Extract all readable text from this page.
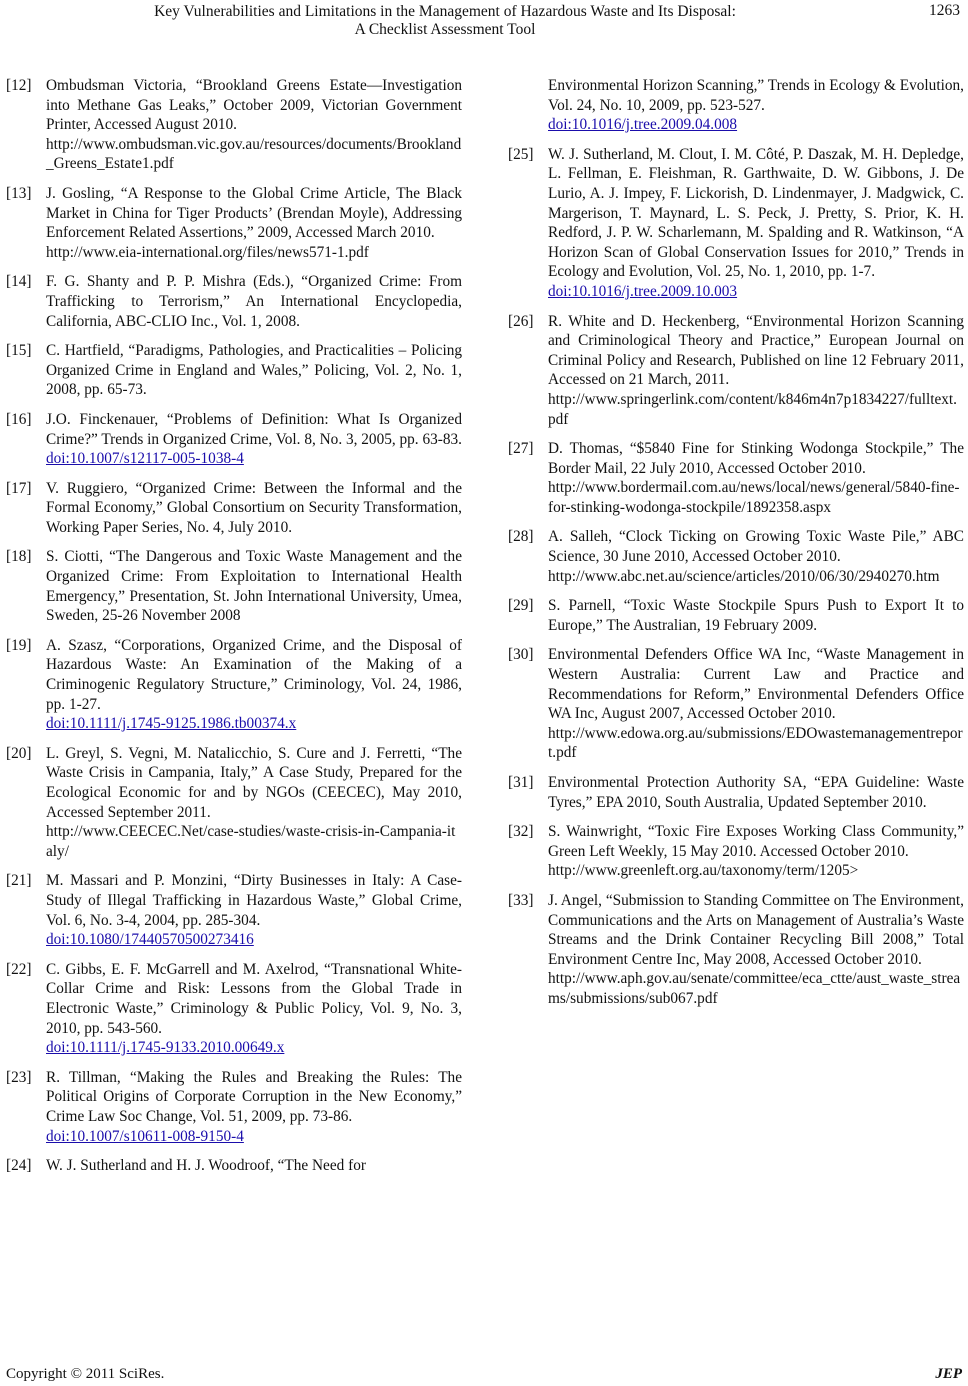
Key Vulnerabilities and Limitations in the Management of Hazardous Waste and Its Disposal:
A Checklist Assessment Tool
1263
[12] Ombudsman Victoria, “Brookland Greens Estate—Investigation into Methane Gas Leaks,” October 2009, Victorian Government Printer, Accessed August 2010.
http://www.ombudsman.vic.gov.au/resources/documents/Brookland_Greens_Estate1.pdf
[13] J. Gosling, “A Response to the Global Crime Article, The Black Market in China for Tiger Products’ (Brendan Moyle), Addressing Enforcement Related Assertions,” 2009, Accessed March 2010.
http://www.eia-international.org/files/news571-1.pdf
[14] F. G. Shanty and P. P. Mishra (Eds.), “Organized Crime: From Trafficking to Terrorism,” An International Encyclopedia, California, ABC-CLIO Inc., Vol. 1, 2008.
[15] C. Hartfield, “Paradigms, Pathologies, and Practicalities – Policing Organized Crime in England and Wales,” Policing, Vol. 2, No. 1, 2008, pp. 65-73.
[16] J.O. Finckenauer, “Problems of Definition: What Is Organized Crime?” Trends in Organized Crime, Vol. 8, No. 3, 2005, pp. 63-83.
doi:10.1007/s12117-005-1038-4
[17] V. Ruggiero, “Organized Crime: Between the Informal and the Formal Economy,” Global Consortium on Security Transformation, Working Paper Series, No. 4, July 2010.
[18] S. Ciotti, “The Dangerous and Toxic Waste Management and the Organized Crime: From Exploitation to International Health Emergency,” Presentation, St. John International University, Umea, Sweden, 25-26 November 2008
[19] A. Szasz, “Corporations, Organized Crime, and the Disposal of Hazardous Waste: An Examination of the Making of a Criminogenic Regulatory Structure,” Criminology, Vol. 24, 1986, pp. 1-27.
doi:10.1111/j.1745-9125.1986.tb00374.x
[20] L. Greyl, S. Vegni, M. Natalicchio, S. Cure and J. Ferretti, “The Waste Crisis in Campania, Italy,” A Case Study, Prepared for the Ecological Economic for and by NGOs (CEECEC), May 2010, Accessed September 2011.
http://www.CEECEC.Net/case-studies/waste-crisis-in-Campania-italy/
[21] M. Massari and P. Monzini, “Dirty Businesses in Italy: A Case-Study of Illegal Trafficking in Hazardous Waste,” Global Crime, Vol. 6, No. 3-4, 2004, pp. 285-304.
doi:10.1080/17440570500273416
[22] C. Gibbs, E. F. McGarrell and M. Axelrod, “Transnational White-Collar Crime and Risk: Lessons from the Global Trade in Electronic Waste,” Criminology & Public Policy, Vol. 9, No. 3, 2010, pp. 543-560.
doi:10.1111/j.1745-9133.2010.00649.x
[23] R. Tillman, “Making the Rules and Breaking the Rules: The Political Origins of Corporate Corruption in the New Economy,” Crime Law Soc Change, Vol. 51, 2009, pp. 73-86.
doi:10.1007/s10611-008-9150-4
[24] W. J. Sutherland and H. J. Woodroof, “The Need for
Environmental Horizon Scanning,” Trends in Ecology & Evolution, Vol. 24, No. 10, 2009, pp. 523-527.
doi:10.1016/j.tree.2009.04.008
[25] W. J. Sutherland, M. Clout, I. M. Côté, P. Daszak, M. H. Depledge, L. Fellman, E. Fleishman, R. Garthwaite, D. W. Gibbons, J. De Lurio, A. J. Impey, F. Lickorish, D. Lindenmayer, J. Madgwick, C. Margerison, T. Maynard, L. S. Peck, J. Pretty, S. Prior, K. H. Redford, J. P. W. Scharlemann, M. Spalding and R. Watkinson, “A Horizon Scan of Global Conservation Issues for 2010,” Trends in Ecology and Evolution, Vol. 25, No. 1, 2010, pp. 1-7.
doi:10.1016/j.tree.2009.10.003
[26] R. White and D. Heckenberg, “Environmental Horizon Scanning and Criminological Theory and Practice,” European Journal on Criminal Policy and Research, Published on line 12 February 2011, Accessed on 21 March, 2011.
http://www.springerlink.com/content/k846m4n7p1834227/fulltext.pdf
[27] D. Thomas, “$5840 Fine for Stinking Wodonga Stockpile,” The Border Mail, 22 July 2010, Accessed October 2010.
http://www.bordermail.com.au/news/local/news/general/5840-fine-for-stinking-wodonga-stockpile/1892358.aspx
[28] A. Salleh, “Clock Ticking on Growing Toxic Waste Pile,” ABC Science, 30 June 2010, Accessed October 2010.
http://www.abc.net.au/science/articles/2010/06/30/2940270.htm
[29] S. Parnell, “Toxic Waste Stockpile Spurs Push to Export It to Europe,” The Australian, 19 February 2009.
[30] Environmental Defenders Office WA Inc, “Waste Management in Western Australia: Current Law and Practice and Recommendations for Reform,” Environmental Defenders Office WA Inc, August 2007, Accessed October 2010.
http://www.edowa.org.au/submissions/EDOwastemanagementreport.pdf
[31] Environmental Protection Authority SA, “EPA Guideline: Waste Tyres,” EPA 2010, South Australia, Updated September 2010.
[32] S. Wainwright, “Toxic Fire Exposes Working Class Community,” Green Left Weekly, 15 May 2010. Accessed October 2010.
http://www.greenleft.org.au/taxonomy/term/1205>
[33] J. Angel, “Submission to Standing Committee on The Environment, Communications and the Arts on Management of Australia’s Waste Streams and the Drink Container Recycling Bill 2008,” Total Environment Centre Inc, May 2008, Accessed October 2010.
http://www.aph.gov.au/senate/committee/eca_ctte/aust_waste_streams/submissions/sub067.pdf
Copyright © 2011 SciRes.	JEP
